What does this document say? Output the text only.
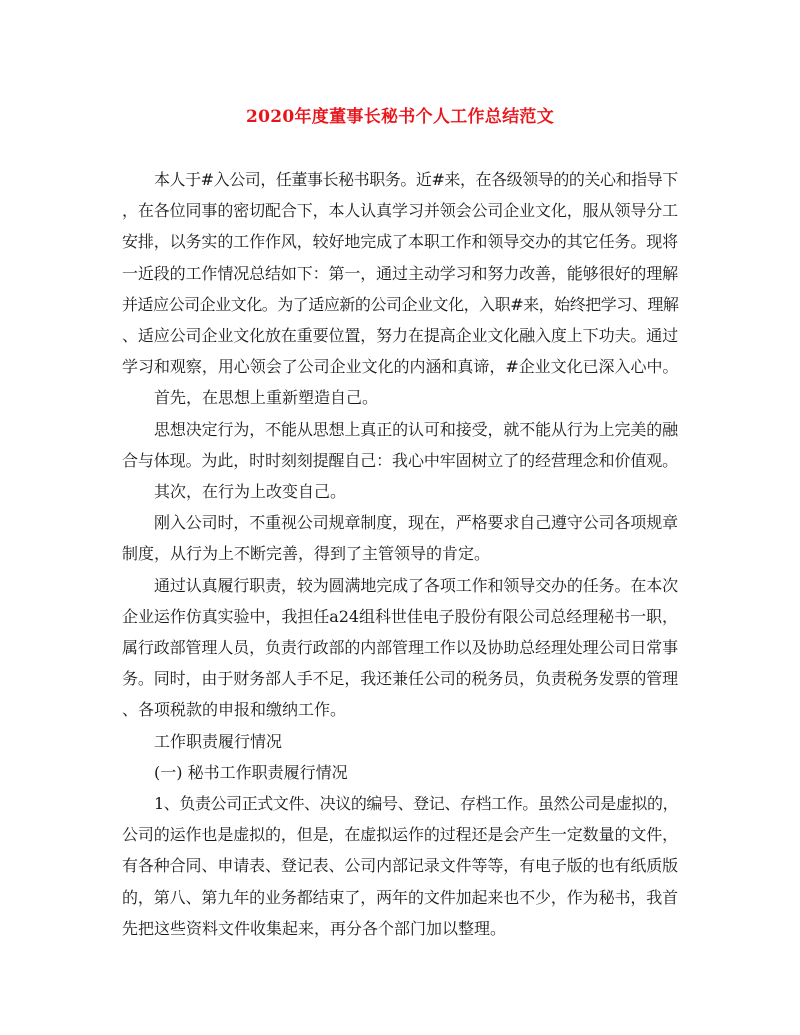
2020年度董事长秘书个人工作总结范文

本人于#入公司，任董事长秘书职务。近#来，在各级领导的的关心和指导下
，在各位同事的密切配合下，本人认真学习并领会公司企业文化，服从领导分工
安排，以务实的工作作风，较好地完成了本职工作和领导交办的其它任务。现将
一近段的工作情况总结如下：第一，通过主动学习和努力改善，能够很好的理解
并适应公司企业文化。为了适应新的公司企业文化，入职#来，始终把学习、理解
、适应公司企业文化放在重要位置，努力在提高企业文化融入度上下功夫。通过
学习和观察，用心领会了公司企业文化的内涵和真谛，#企业文化已深入心中。

首先，在思想上重新塑造自己。

思想决定行为，不能从思想上真正的认可和接受，就不能从行为上完美的融
合与体现。为此，时时刻刻提醒自己：我心中牢固树立了的经营理念和价值观。

其次，在行为上改变自己。

刚入公司时，不重视公司规章制度，现在，严格要求自己遵守公司各项规章
制度，从行为上不断完善，得到了主管领导的肯定。

通过认真履行职责，较为圆满地完成了各项工作和领导交办的任务。在本次
企业运作仿真实验中，我担任a24组科世佳电子股份有限公司总经理秘书一职，
属行政部管理人员，负责行政部的内部管理工作以及协助总经理处理公司日常事
务。同时，由于财务部人手不足，我还兼任公司的税务员，负责税务发票的管理
、各项税款的申报和缴纳工作。

工作职责履行情况

(一) 秘书工作职责履行情况

1、负责公司正式文件、决议的编号、登记、存档工作。虽然公司是虚拟的，
公司的运作也是虚拟的，但是，在虚拟运作的过程还是会产生一定数量的文件，
有各种合同、申请表、登记表、公司内部记录文件等等，有电子版的也有纸质版
的，第八、第九年的业务都结束了，两年的文件加起来也不少，作为秘书，我首
先把这些资料文件收集起来，再分各个部门加以整理。
